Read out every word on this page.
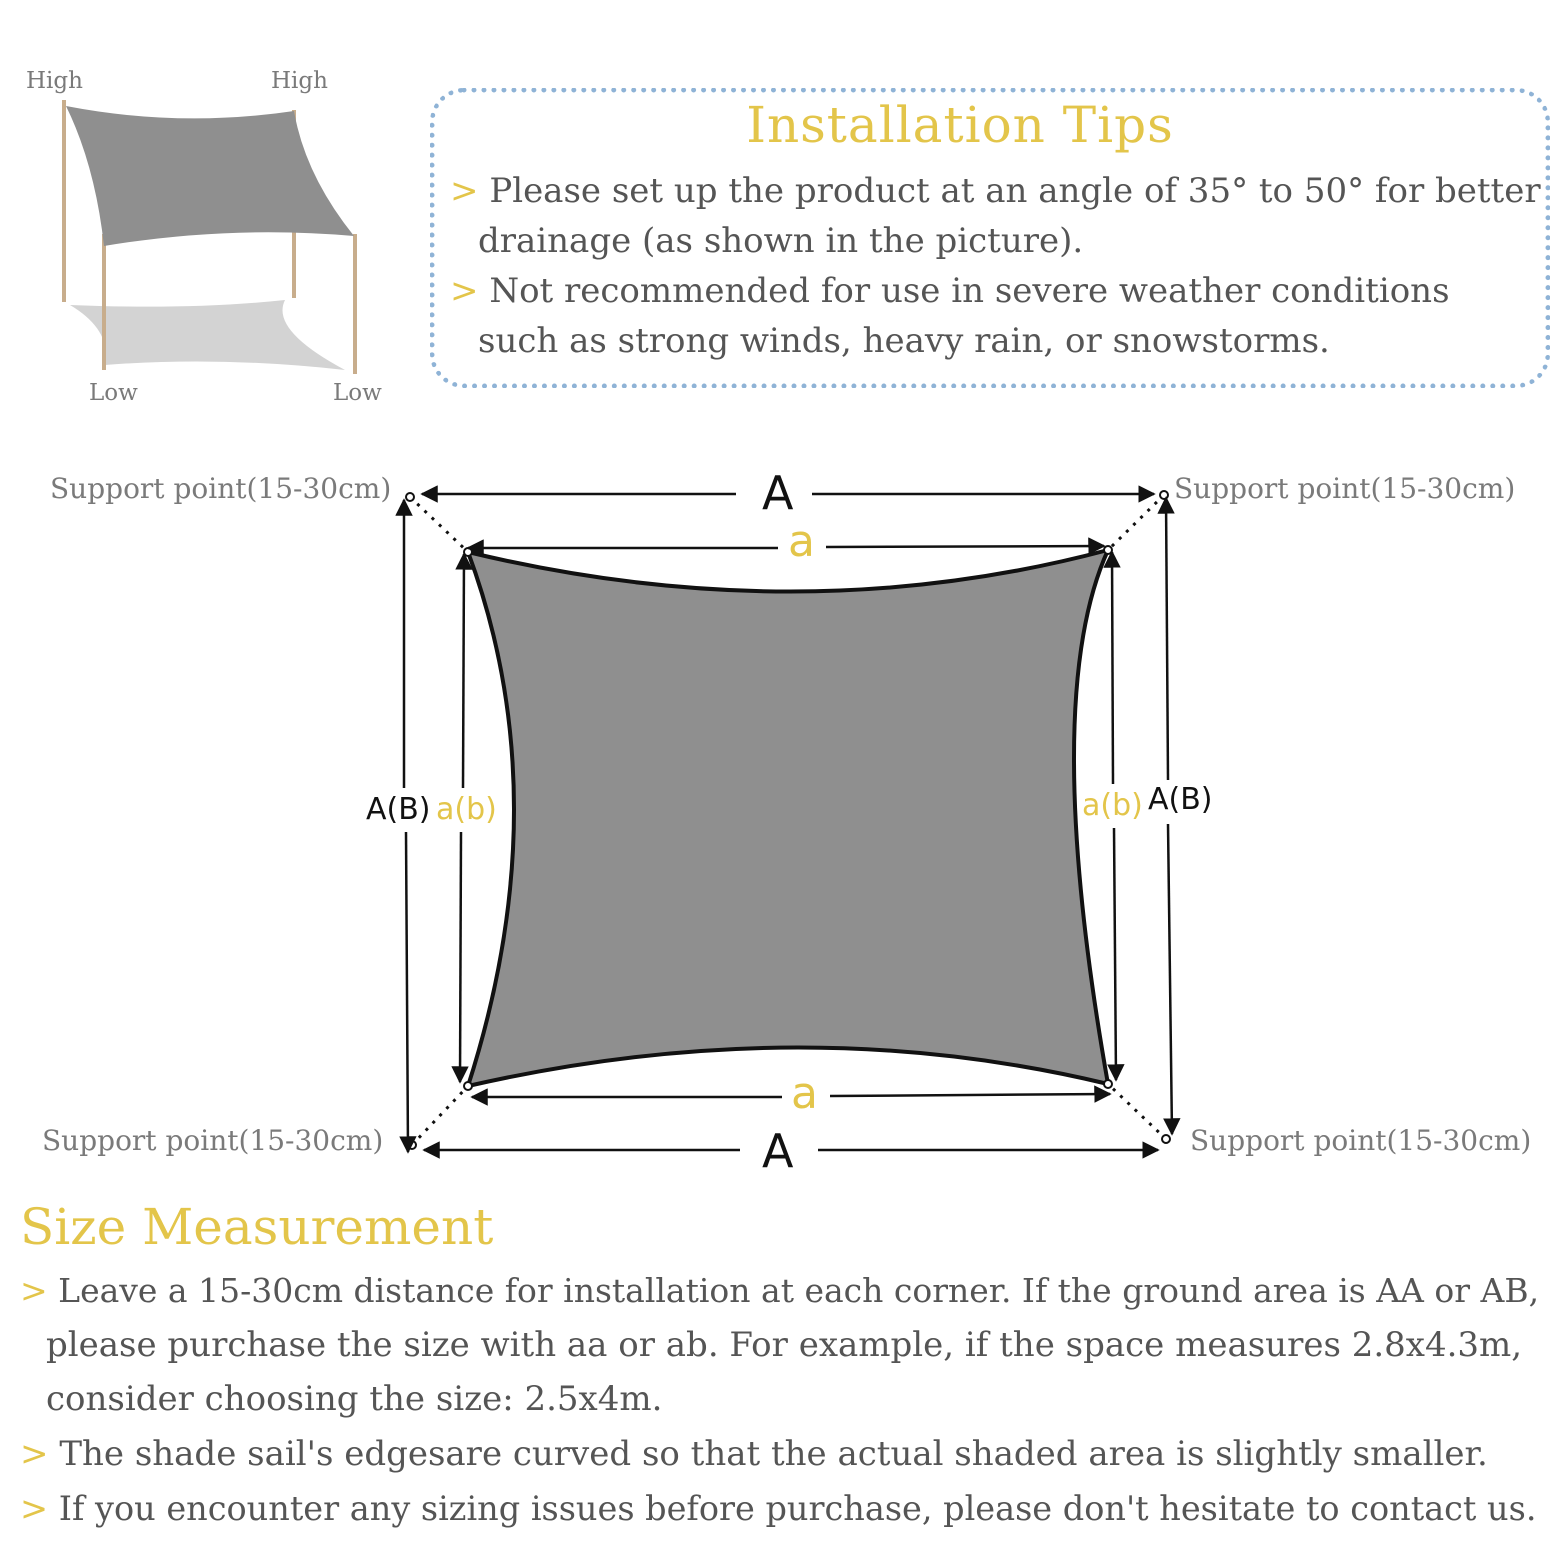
High	High
Low	Low
Installation Tips
> Please set up the product at an angle of 35° to 50° for better
drainage (as shown in the picture).
> Not recommended for use in severe weather conditions
such as strong winds, heavy rain, or snowstorms.
Support point(15-30cm)	Support point(15-30cm)
Support point(15-30cm)	Support point(15-30cm)
A
A
a
a
A(B) a(b)	a(b) A(B)
Size Measurement
> Leave a 15-30cm distance for installation at each corner. If the ground area is AA or AB,
please purchase the size with aa or ab. For example, if the space measures 2.8x4.3m,
consider choosing the size: 2.5x4m.
> The shade sail's edgesare curved so that the actual shaded area is slightly smaller.
> If you encounter any sizing issues before purchase, please don't hesitate to contact us.
